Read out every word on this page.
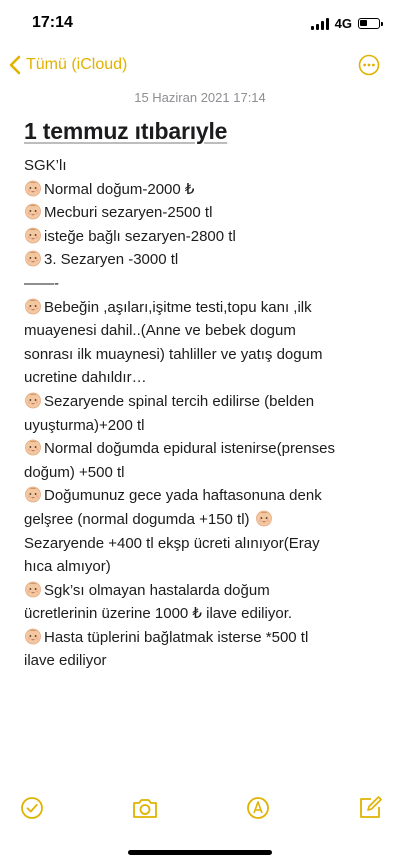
17:14	4G
Tümü (iCloud)
15 Haziran 2021 17:14
1 temmuz ıtıbarıyle

SGK’lı

Normal doğum-2000 ₺

Mecburi sezaryen-2500 tl

isteğe bağlı sezaryen-2800 tl

3. Sezaryen -3000 tl

——-

Bebeğin ,aşıları,işitme testi,topu kanı ,ilk

muayenesi dahil..(Anne ve bebek dogum

sonrası ilk muaynesi) tahliller ve yatış dogum

ucretine dahıldır…

Sezaryende spinal tercih edilirse (belden

uyuşturma)+200 tl

Normal doğumda epidural istenirse(prenses

doğum) +500 tl

Doğumunuz gece yada haftasonuna denk

gelşree (normal dogumda +150 tl)

Sezaryende +400 tl ekşp ücreti alınıyor(Eray

hıca almıyor)

Sgk’sı olmayan hastalarda doğum

ücretlerinin üzerine 1000 ₺ ilave ediliyor.

Hasta tüplerini bağlatmak isterse *500 tl

ilave ediliyor
